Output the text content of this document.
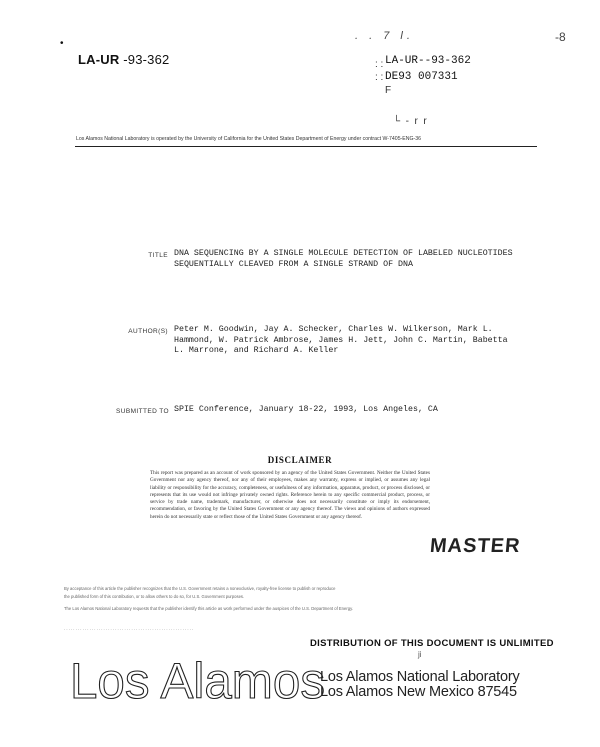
•
LA-UR -93-362
. . 7 l.	-8
: :
: :
F

└  -  r  r
LA-UR--93-362
DE93 007331
Los Alamos National Laboratory is operated by the University of California for the United States Department of Energy under contract W-7405-ENG-36
TITLE DNA SEQUENCING BY A SINGLE MOLECULE DETECTION OF LABELED NUCLEOTIDES SEQUENTIALLY CLEAVED FROM A SINGLE STRAND OF DNA
AUTHOR(S) Peter M. Goodwin, Jay A. Schecker, Charles W. Wilkerson, Mark L. Hammond, W. Patrick Ambrose, James H. Jett, John C. Martin, Babetta L. Marrone, and Richard A. Keller
SUBMITTED TO SPIE Conference, January 18-22, 1993, Los Angeles, CA
DISCLAIMER
This report was prepared as an account of work sponsored by an agency of the United States Government. Neither the United States Government nor any agency thereof, nor any of their employees, makes any warranty, express or implied, or assumes any legal liability or responsibility for the accuracy, completeness, or usefulness of any information, apparatus, product, or process disclosed, or represents that its use would not infringe privately owned rights. Reference herein to any specific commercial product, process, or service by trade name, trademark, manufacturer, or otherwise does not necessarily constitute or imply its endorsement, recommendation, or favoring by the United States Government or any agency thereof. The views and opinions of authors expressed herein do not necessarily state or reflect those of the United States Government or any agency thereof.
MASTER
By acceptance of this article the publisher recognizes that the U.S. Government retains a nonexclusive, royalty-free license to publish or reproduce
the published form of this contribution, or to allow others to do so, for U.S. Government purposes.
The Los Alamos National Laboratory requests that the publisher identify this article as work performed under the auspices of the U.S. Department of Energy.
. . . . . . . . . . . . . . . . . . . . . . . . . . . . . . . . . . . . . . . . . . . . . . . . . . . . . . . .
DISTRIBUTION OF THIS DOCUMENT IS UNLIMITED
ji
Los Alamos
Los Alamos National Laboratory
Los Alamos New Mexico 87545
